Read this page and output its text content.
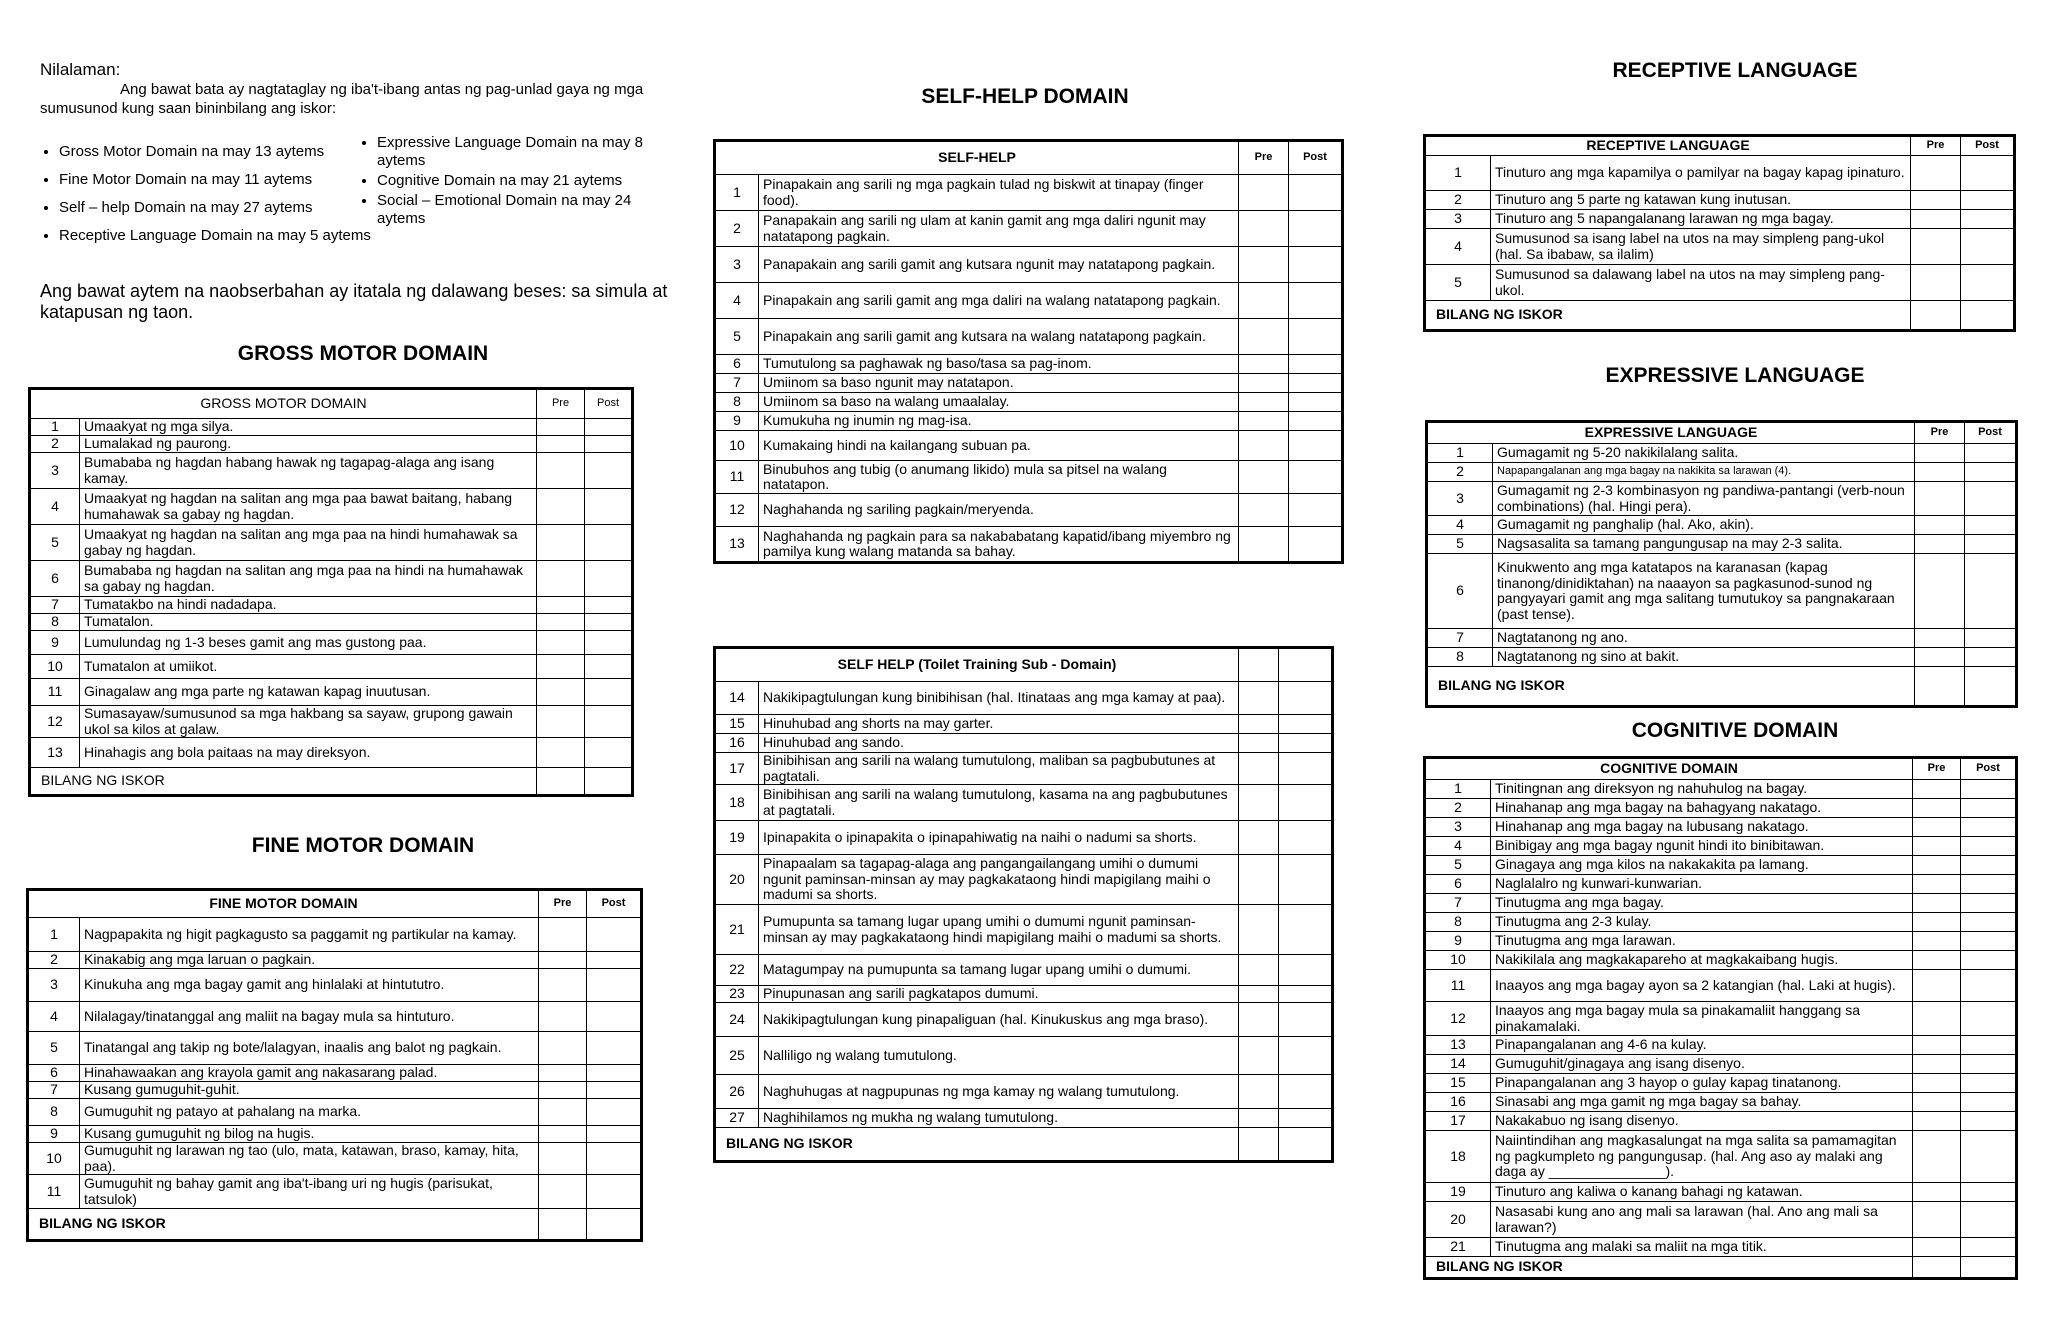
Nilalaman:
Ang bawat bata ay nagtataglay ng iba't-ibang antas ng pag-unlad gaya ng mga sumusunod kung saan bininbilang ang iskor:
• Gross Motor Domain na may 13 aytems
• Fine Motor Domain na may 11 aytems
• Self – help Domain na may 27 aytems
• Receptive Language Domain na may 5 aytems
• Expressive Language Domain na may 8 aytems
• Cognitive Domain na may 21 aytems
• Social – Emotional Domain na may 24 aytems
Ang bawat aytem na naobserbahan ay itatala ng dalawang beses: sa simula at katapusan ng taon.
GROSS MOTOR DOMAIN
FINE MOTOR DOMAIN
SELF-HELP DOMAIN
RECEPTIVE LANGUAGE
EXPRESSIVE LANGUAGE
COGNITIVE DOMAIN
GROSS MOTOR DOMAIN		Pre	Post
1	Umaakyat ng mga silya.		
2	Lumalakad ng paurong.		
3	Bumababa ng hagdan habang hawak ng tagapag-alaga ang isang kamay.		
4	Umaakyat ng hagdan na salitan ang mga paa bawat baitang, habang humahawak sa gabay ng hagdan.		
5	Umaakyat ng hagdan na salitan ang mga paa na hindi humahawak sa gabay ng hagdan.		
6	Bumababa ng hagdan na salitan ang mga paa na hindi na humahawak sa gabay ng hagdan.		
7	Tumatakbo na hindi nadadapa.		
8	Tumatalon.		
9	Lumulundag ng 1-3 beses gamit ang mas gustong paa.		
10	Tumatalon at umiikot.		
11	Ginagalaw ang mga parte ng katawan kapag inuutusan.		
12	Sumasayaw/sumusunod sa mga hakbang sa sayaw, grupong gawain ukol sa kilos at galaw.		
13	Hinahagis ang bola paitaas na may direksyon.		
BILANG NG ISKOR			
FINE MOTOR DOMAIN		Pre	Post
1	Nagpapakita ng higit pagkagusto sa paggamit ng partikular na kamay.		
2	Kinakabig ang mga laruan o pagkain.		
3	Kinukuha ang mga bagay gamit ang hinlalaki at hintututro.		
4	Nilalagay/tinatanggal ang maliit na bagay mula sa hintuturo.		
5	Tinatangal ang takip ng bote/lalagyan, inaalis ang balot ng pagkain.		
6	Hinahawaakan ang krayola gamit ang nakasarang palad.		
7	Kusang gumuguhit-guhit.		
8	Gumuguhit ng patayo at pahalang na marka.		
9	Kusang gumuguhit ng bilog na hugis.		
10	Gumuguhit ng larawan ng tao (ulo, mata, katawan, braso, kamay, hita, paa).		
11	Gumuguhit ng bahay gamit ang iba't-ibang uri ng hugis (parisukat, tatsulok)		
BILANG NG ISKOR			
SELF-HELP		Pre	Post
1	Pinapakain ang sarili ng mga pagkain tulad ng biskwit at tinapay (finger food).		
2	Panapakain ang sarili ng ulam at kanin gamit ang mga daliri ngunit may natatapong pagkain.		
3	Panapakain ang sarili gamit ang kutsara ngunit may natatapong pagkain.		
4	Pinapakain ang sarili gamit ang mga daliri na walang natatapong pagkain.		
5	Pinapakain ang sarili gamit ang kutsara na walang natatapong pagkain.		
6	Tumutulong sa paghawak ng baso/tasa sa pag-inom.		
7	Umiinom sa baso ngunit may natatapon.		
8	Umiinom sa baso na walang umaalalay.		
9	Kumukuha ng inumin ng mag-isa.		
10	Kumakaing hindi na kailangang subuan pa.		
11	Binubuhos ang tubig (o anumang likido) mula sa pitsel na walang natatapon.		
12	Naghahanda ng sariling pagkain/meryenda.		
13	Naghahanda ng pagkain para sa nakababatang kapatid/ibang miyembro ng pamilya kung walang matanda sa bahay.		
SELF HELP (Toilet Training Sub - Domain)			
14	Nakikipagtulungan kung binibihisan (hal. Itinataas ang mga kamay at paa).		
15	Hinuhubad ang shorts na may garter.		
16	Hinuhubad ang sando.		
17	Binibihisan ang sarili na walang tumutulong, maliban sa pagbubutunes at pagtatali.		
18	Binibihisan ang sarili na walang tumutulong, kasama na ang pagbubutunes at pagtatali.		
19	Ipinapakita o ipinapakita o ipinapahiwatig na naihi o nadumi sa shorts.		
20	Pinapaalam sa tagapag-alaga ang pangangailangang umihi o dumumi ngunit paminsan-minsan ay may pagkakataong hindi mapigilang maihi o madumi sa shorts.		
21	Pumupunta sa tamang lugar upang umihi o dumumi ngunit paminsan-minsan ay may pagkakataong hindi mapigilang maihi o madumi sa shorts.		
22	Matagumpay na pumupunta sa tamang lugar upang umihi o dumumi.		
23	Pinupunasan ang sarili pagkatapos dumumi.		
24	Nakikipagtulungan kung pinapaliguan (hal. Kinukuskus ang mga braso).		
25	Nalliligo ng walang tumutulong.		
26	Naghuhugas at nagpupunas ng mga kamay ng walang tumutulong.		
27	Naghihilamos ng mukha ng walang tumutulong.		
BILANG NG ISKOR			
RECEPTIVE LANGUAGE		Pre	Post
1	Tinuturo ang mga kapamilya o pamilyar na bagay kapag ipinaturo.		
2	Tinuturo ang 5 parte ng katawan kung inutusan.		
3	Tinuturo ang 5 napangalanang larawan ng mga bagay.		
4	Sumusunod sa isang label na utos na may simpleng pang-ukol (hal. Sa ibabaw, sa ilalim)		
5	Sumusunod sa dalawang label na utos na may simpleng pang-ukol.		
BILANG NG ISKOR			
EXPRESSIVE LANGUAGE		Pre	Post
1	Gumagamit ng 5-20 nakikilalang salita.		
2	Napapangalanan ang mga bagay na nakikita sa larawan (4).		
3	Gumagamit ng 2-3 kombinasyon ng pandiwa-pantangi (verb-noun combinations) (hal. Hingi pera).		
4	Gumagamit ng panghalip (hal. Ako, akin).		
5	Nagsasalita sa tamang pangungusap na may 2-3 salita.		
6	Kinukwento ang mga katatapos na karanasan (kapag tinanong/dinidiktahan) na naaayon sa pagkasunod-sunod ng pangyayari gamit ang mga salitang tumutukoy sa pangnakaraan (past tense).		
7	Nagtatanong ng ano.		
8	Nagtatanong ng sino at bakit.		
BILANG NG ISKOR			
COGNITIVE DOMAIN		Pre	Post
1	Tinitingnan ang direksyon ng nahuhulog na bagay.		
2	Hinahanap ang mga bagay na bahagyang nakatago.		
3	Hinahanap ang mga bagay na lubusang nakatago.		
4	Binibigay ang mga bagay ngunit hindi ito binibitawan.		
5	Ginagaya ang mga kilos na nakakakita pa lamang.		
6	Naglalalro ng kunwari-kunwarian.		
7	Tinutugma ang mga bagay.		
8	Tinutugma ang 2-3 kulay.		
9	Tinutugma ang mga larawan.		
10	Nakikilala ang magkakapareho at magkakaibang hugis.		
11	Inaayos ang mga bagay ayon sa 2 katangian (hal. Laki at hugis).		
12	Inaayos ang mga bagay mula sa pinakamaliit hanggang sa pinakamalaki.		
13	Pinapangalanan ang 4-6 na kulay.		
14	Gumuguhit/ginagaya ang isang disenyo.		
15	Pinapangalanan ang 3 hayop o gulay kapag tinatanong.		
16	Sinasabi ang mga gamit ng mga bagay sa bahay.		
17	Nakakabuo ng isang disenyo.		
18	Naiintindihan ang magkasalungat na mga salita sa pamamagitan ng pagkumpleto ng pangungusap. (hal. Ang aso ay malaki ang daga ay _______________).		
19	Tinuturo ang kaliwa o kanang bahagi ng katawan.		
20	Nasasabi kung ano ang mali sa larawan (hal. Ano ang mali sa larawan?)		
21	Tinutugma ang malaki sa maliit na mga titik.		
BILANG NG ISKOR			
